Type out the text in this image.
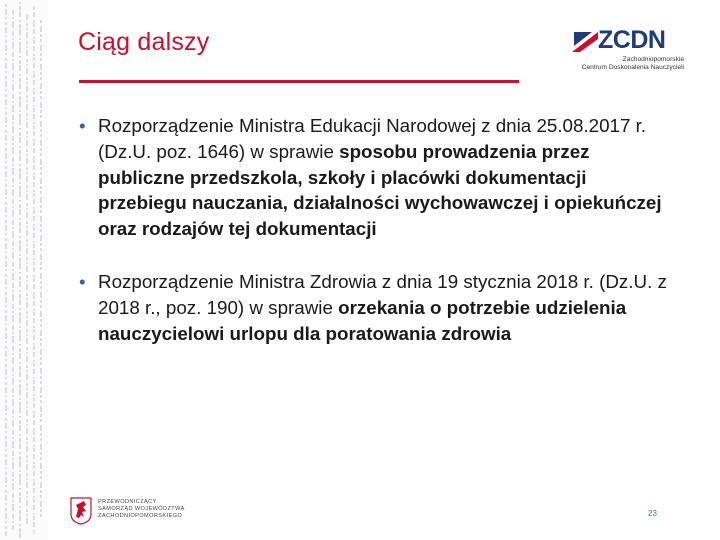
Ciąg dalszy	ZCDN
Zachodniopomorskie
Centrum Doskonalenia Nauczycieli
• Rozporządzenie Ministra Edukacji Narodowej z dnia 25.08.2017 r. (Dz.U. poz. 1646) w sprawie sposobu prowadzenia przez publiczne przedszkola, szkoły i placówki dokumentacji przebiegu nauczania, działalności wychowawczej i opiekuńczej oraz rodzajów tej dokumentacji
• Rozporządzenie Ministra Zdrowia z dnia 19 stycznia 2018 r. (Dz.U. z 2018 r., poz. 190) w sprawie orzekania o potrzebie udzielenia nauczycielowi urlopu dla poratowania zdrowia
PRZEWODNICZĄCY
SAMORZĄD WOJEWÓDZTWA
ZACHODNIOPOMORSKIEGO	23
